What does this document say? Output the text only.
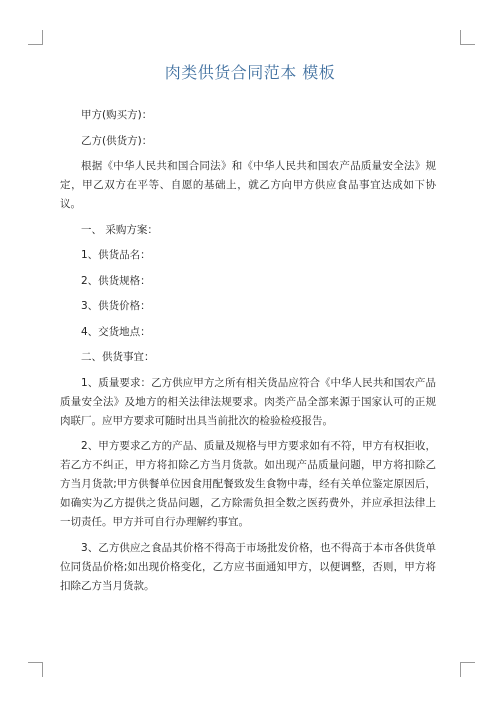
肉类供货合同范本 模板

甲方(购买方)：

乙方(供货方)：

根据《中华人民共和国合同法》和《中华人民共和国农产品质量安全法》规定，甲乙双方在平等、自愿的基础上，就乙方向甲方供应食品事宜达成如下协议。

一、 采购方案：

1、供货品名：

2、供货规格：

3、供货价格：

4、交货地点：

二、供货事宜：

1、质量要求：乙方供应甲方之所有相关货品应符合《中华人民共和国农产品质量安全法》及地方的相关法律法规要求。肉类产品全部来源于国家认可的正规肉联厂。应甲方要求可随时出具当前批次的检验检疫报告。

2、甲方要求乙方的产品、质量及规格与甲方要求如有不符，甲方有权拒收，若乙方不纠正，甲方将扣除乙方当月货款。如出现产品质量问题，甲方将扣除乙方当月货款;甲方供餐单位因食用配餐致发生食物中毒，经有关单位鉴定原因后，如确实为乙方提供之货品问题，乙方除需负担全数之医药费外，并应承担法律上一切责任。甲方并可自行办理解约事宜。

3、乙方供应之食品其价格不得高于市场批发价格，也不得高于本市各供货单位同货品价格;如出现价格变化，乙方应书面通知甲方，以便调整，否则，甲方将扣除乙方当月货款。
